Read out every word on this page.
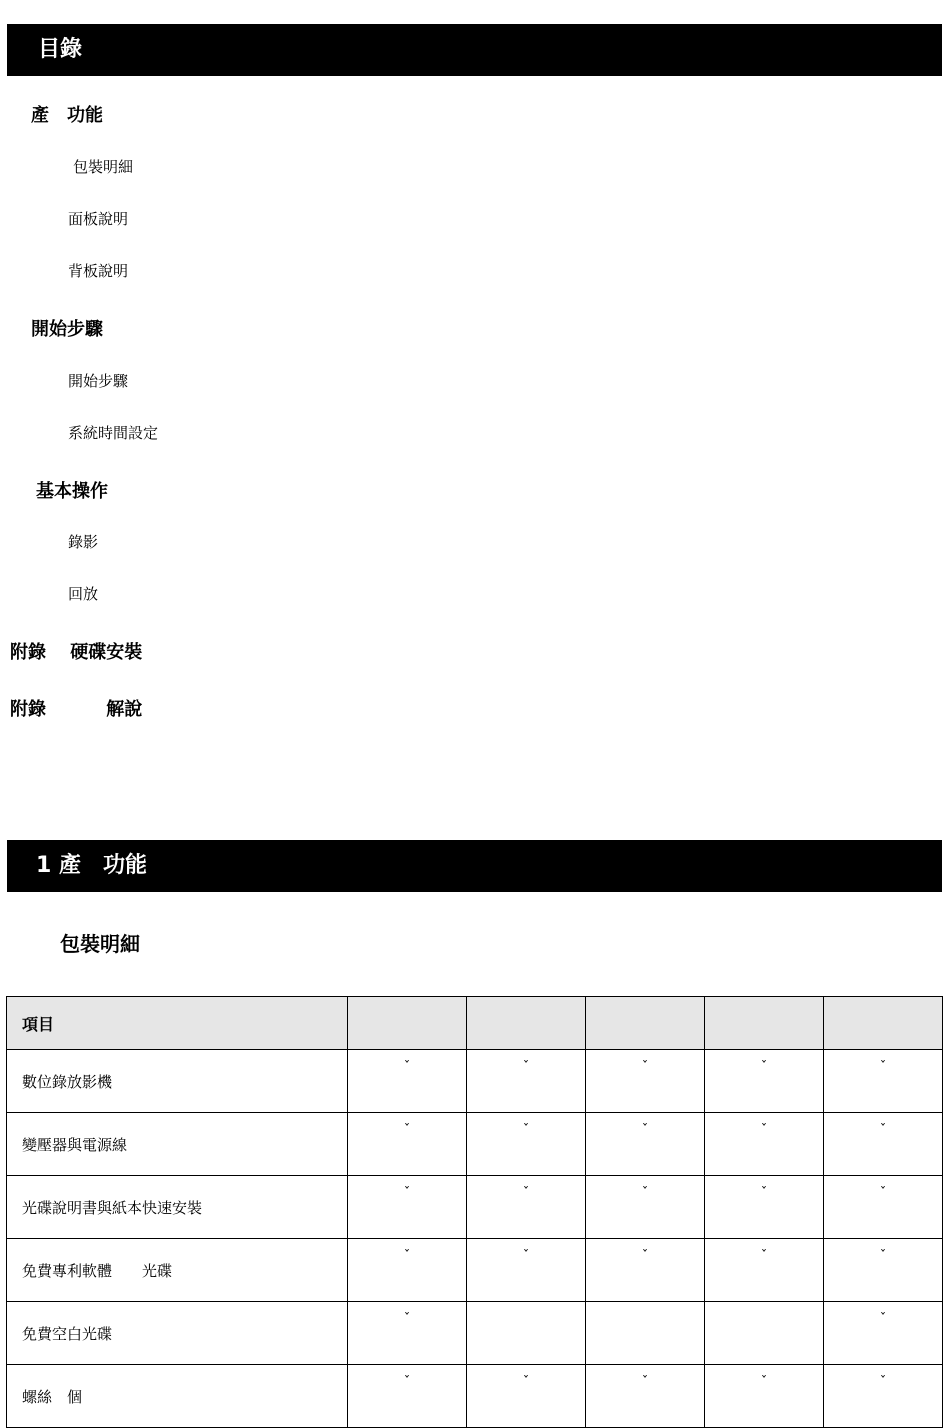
目錄
產　功能
包裝明細
面板說明
背板說明
開始步驟
開始步驟
系統時間設定
基本操作
錄影
回放
附錄　 硬碟安裝
附錄　　　 解說
1 產　功能
包裝明細
項目					
數位錄放影機	ˇ	ˇ	ˇ	ˇ	ˇ
變壓器與電源線	ˇ	ˇ	ˇ	ˇ	ˇ
光碟說明書與紙本快速安裝	ˇ	ˇ	ˇ	ˇ	ˇ
免費專利軟體　　光碟	ˇ	ˇ	ˇ	ˇ	ˇ
免費空白光碟	ˇ				ˇ
螺絲　個	ˇ	ˇ	ˇ	ˇ	ˇ
